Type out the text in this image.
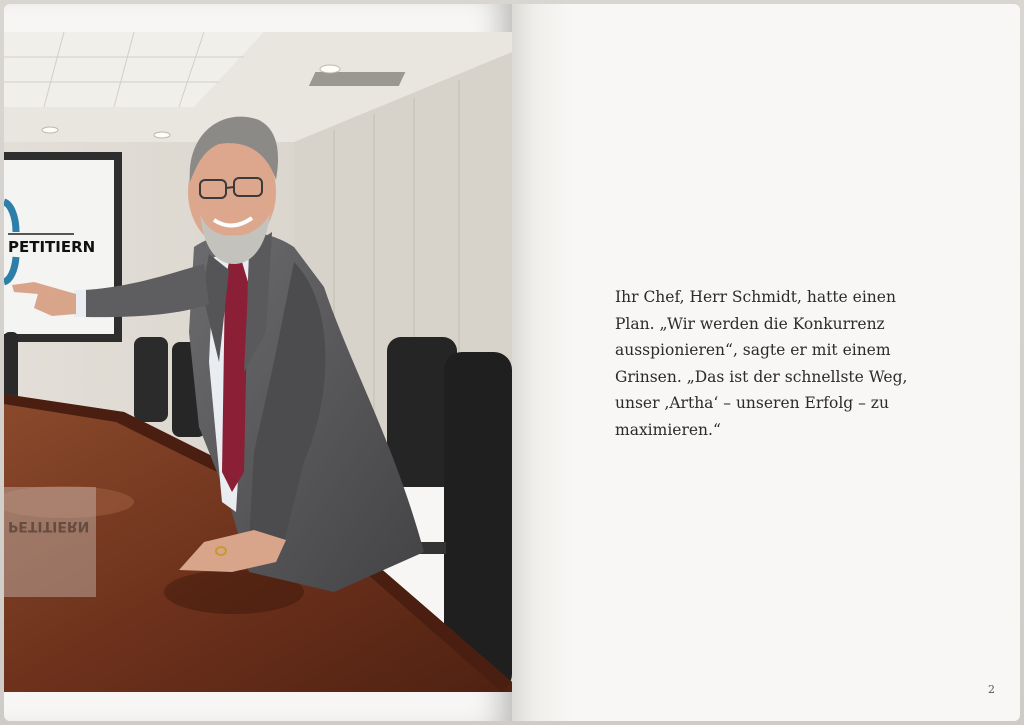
PETITIERN
PETITIERN

Ihr Chef, Herr Schmidt, hatte einen Plan. „Wir werden die Konkurrenz ausspionieren“, sagte er mit einem Grinsen. „Das ist der schnellste Weg, unser ‚Artha‘ – unseren Erfolg – zu maximieren.“

2
